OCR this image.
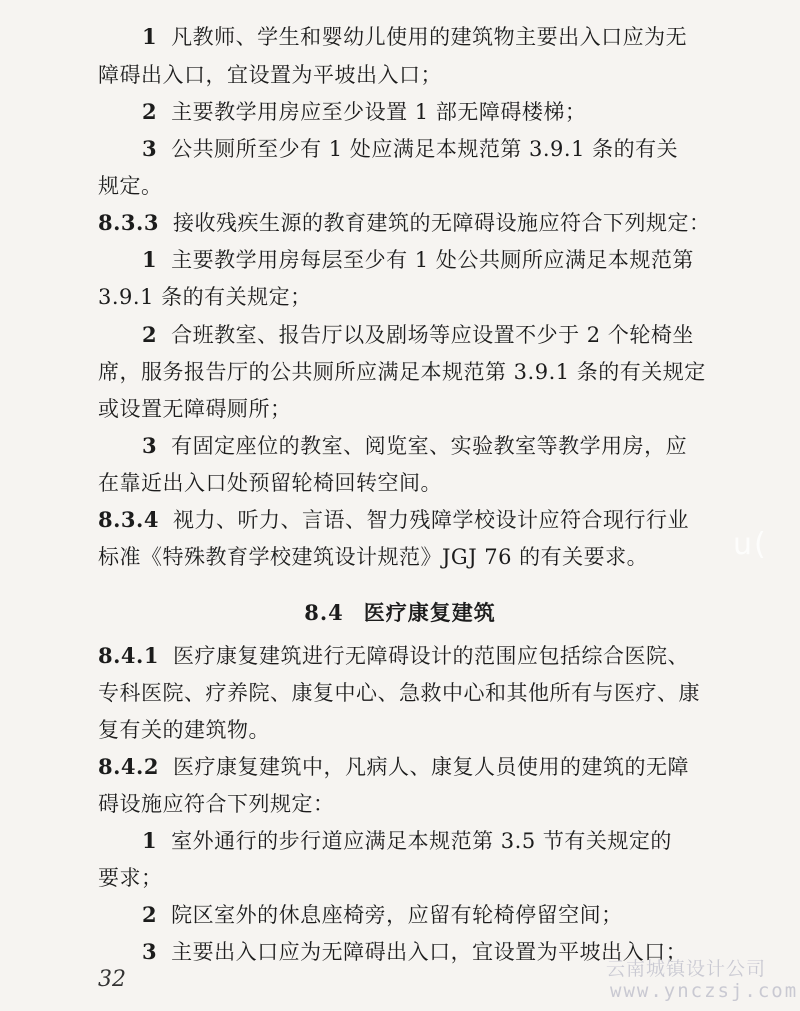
1 凡教师、学生和婴幼儿使用的建筑物主要出入口应为无
障碍出入口，宜设置为平坡出入口；
2 主要教学用房应至少设置 1 部无障碍楼梯；
3 公共厕所至少有 1 处应满足本规范第 3.9.1 条的有关
规定。
8.3.3 接收残疾生源的教育建筑的无障碍设施应符合下列规定：
1 主要教学用房每层至少有 1 处公共厕所应满足本规范第
3.9.1 条的有关规定；
2 合班教室、报告厅以及剧场等应设置不少于 2 个轮椅坐
席，服务报告厅的公共厕所应满足本规范第 3.9.1 条的有关规定
或设置无障碍厕所；
3 有固定座位的教室、阅览室、实验教室等教学用房，应
在靠近出入口处预留轮椅回转空间。
8.3.4 视力、听力、言语、智力残障学校设计应符合现行行业
标准《特殊教育学校建筑设计规范》JGJ 76 的有关要求。
8.4 医疗康复建筑
8.4.1 医疗康复建筑进行无障碍设计的范围应包括综合医院、
专科医院、疗养院、康复中心、急救中心和其他所有与医疗、康
复有关的建筑物。
8.4.2 医疗康复建筑中，凡病人、康复人员使用的建筑的无障
碍设施应符合下列规定：
1 室外通行的步行道应满足本规范第 3.5 节有关规定的
要求；
2 院区室外的休息座椅旁，应留有轮椅停留空间；
3 主要出入口应为无障碍出入口，宜设置为平坡出入口；
32	云南城镇设计公司
www.ynczsj.com
u(
